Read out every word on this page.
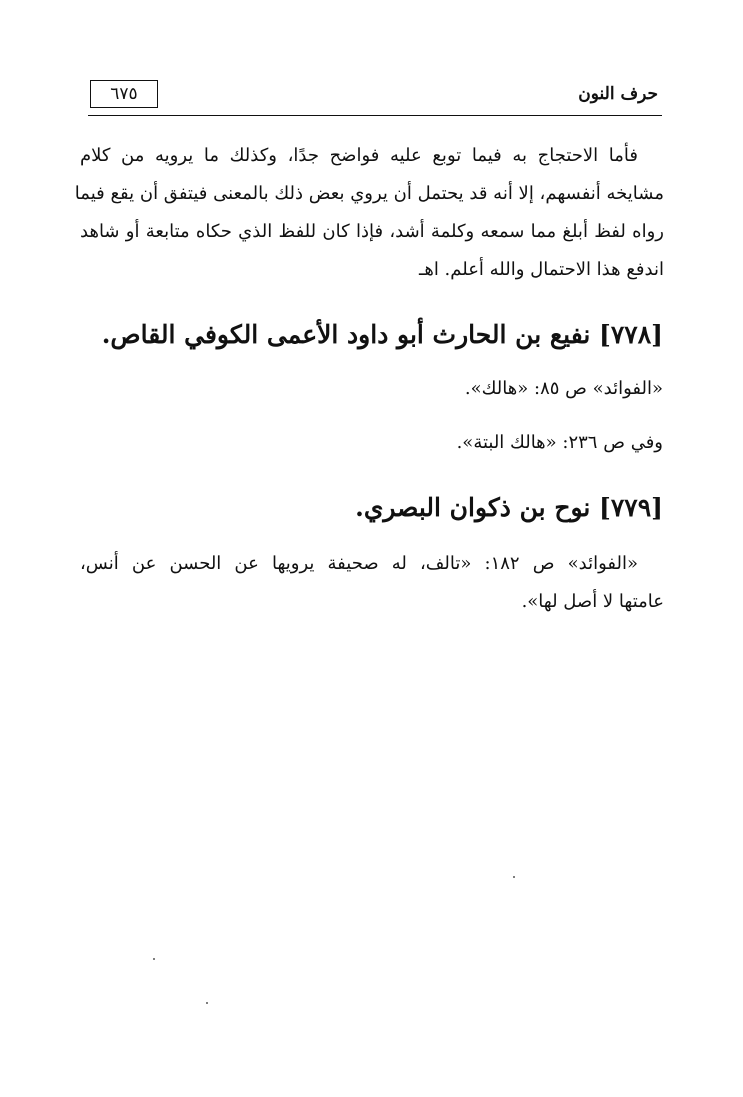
٦٧٥	حرف النون
فأما الاحتجاج به فيما توبع عليه فواضح جدًا، وكذلك ما يرويه من كلام
مشايخه أنفسهم، إلا أنه قد يحتمل أن يروي بعض ذلك بالمعنى فيتفق أن يقع فيما
رواه لفظ أبلغ مما سمعه وكلمة أشد، فإذا كان للفظ الذي حكاه متابعة أو شاهد
اندفع هذا الاحتمال والله أعلم. اهـ
[٧٧٨] نفيع بن الحارث أبو داود الأعمى الكوفي القاص.
«الفوائد» ص ٨٥: «هالك».
وفي ص ٢٣٦: «هالك البتة».
[٧٧٩] نوح بن ذكوان البصري.
«الفوائد» ص ١٨٢: «تالف، له صحيفة يرويها عن الحسن عن أنس،
عامتها لا أصل لها».
